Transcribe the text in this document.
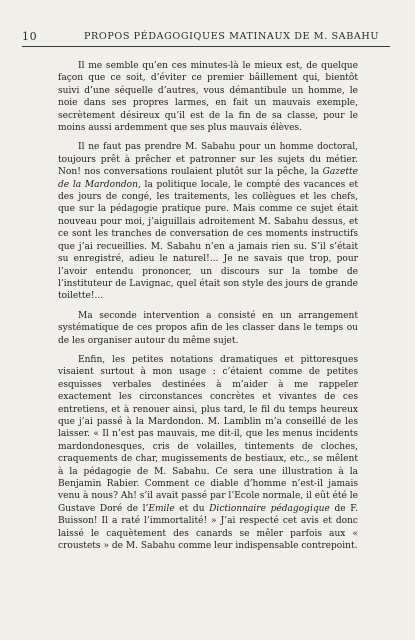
10	PROPOS PÉDAGOGIQUES MATINAUX DE M. SABAHU

Il me semble qu’en ces minutes-là le mieux est, de quelque façon que ce soit, d’éviter ce premier bâillement qui, bientôt suivi d’une séquelle d’autres, vous démantibule un homme, le noie dans ses propres larmes, en fait un mauvais exemple, secrètement désireux qu’il est de la fin de sa classe, pour le moins aussi ardemment que ses plus mauvais élèves.

Il ne faut pas prendre M. Sabahu pour un homme doctoral, toujours prêt à prêcher et patronner sur les sujets du métier. Non! nos conversations roulaient plutôt sur la pêche, la Gazette de la Mardondon, la politique locale, le compté des vacances et des jours de congé, les traitements, les collègues et les chefs, que sur la pédagogie pratique pure. Mais comme ce sujet était nouveau pour moi, j’aiguillais adroitement M. Sabahu dessus, et ce sont les tranches de conversation de ces moments instructifs que j’ai recueillies. M. Sabahu n’en a jamais rien su. S’il s’était su enregistré, adieu le naturel!... Je ne savais que trop, pour l’avoir entendu prononcer, un discours sur la tombe de l’instituteur de Lavignac, quel était son style des jours de grande toilette!...

Ma seconde intervention a consisté en un arrangement systématique de ces propos afin de les classer dans le temps ou de les organiser autour du même sujet.

Enfin, les petites notations dramatiques et pittoresques visaient surtout à mon usage : c’étaient comme de petites esquisses verbales destinées à m’aider à me rappeler exactement les circonstances concrètes et vivantes de ces entretiens, et à renouer ainsi, plus tard, le fil du temps heureux que j’ai passé à la Mardondon. M. Lamblin m’a conseillé de les laisser. « Il n’est pas mauvais, me dit-il, que les menus incidents mardondonesques, cris de volailles, tintements de cloches, craquements de char, mugissements de bestiaux, etc., se mêlent à la pédagogie de M. Sabahu. Ce sera une illustration à la Benjamin Rabier. Comment ce diable d’homme n’est-il jamais venu à nous? Ah! s’il avait passé par l’Ecole normale, il eût été le Gustave Doré de l’Emile et du Dictionnaire pédagogique de F. Buisson! Il a raté l’immortalité! » J’ai respecté cet avis et donc laissé le caquètement des canards se mêler parfois aux « croustets » de M. Sabahu comme leur indispensable contrepoint.
